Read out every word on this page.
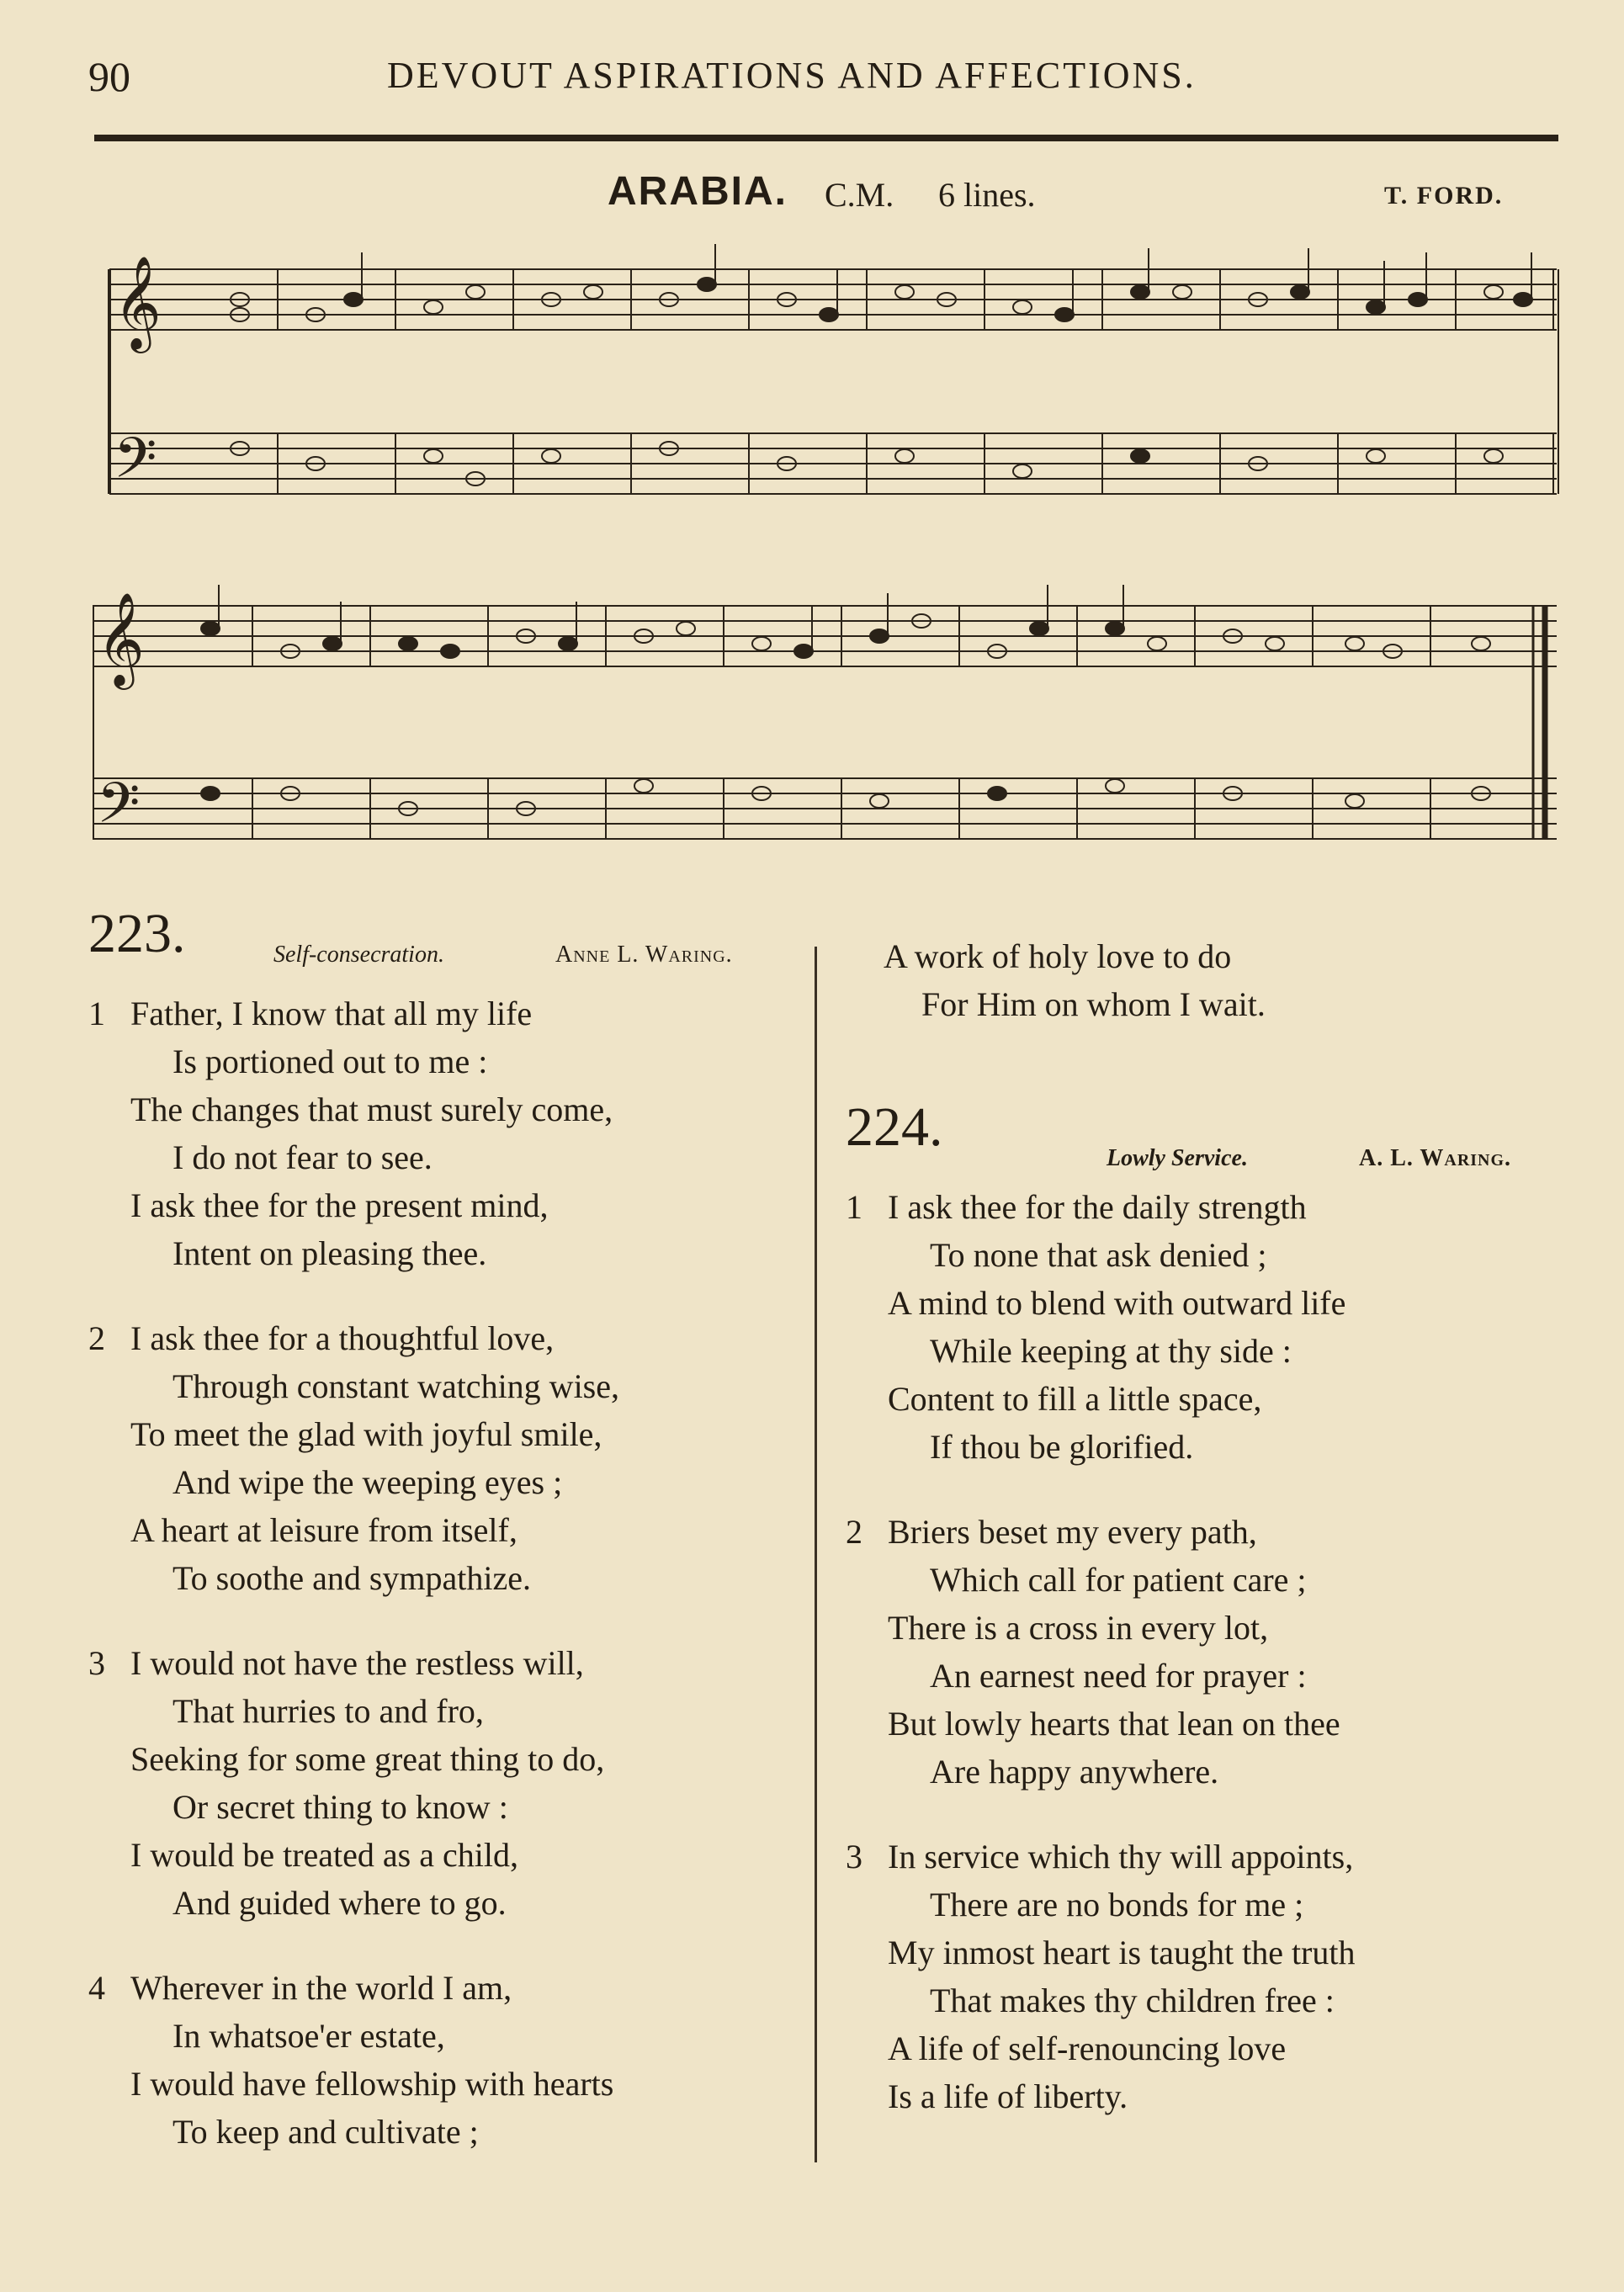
90	DEVOUT ASPIRATIONS AND AFFECTIONS.
ARABIA. C.M. 6 lines.	T. FORD.
𝄞
𝄢
𝄞
𝄢
223.	Self-consecration.	Anne L. Waring.
1 Father, I know that all my life
Is portioned out to me :
The changes that must surely come,
I do not fear to see.
I ask thee for the present mind,
Intent on pleasing thee.
2 I ask thee for a thoughtful love,
Through constant watching wise,
To meet the glad with joyful smile,
And wipe the weeping eyes ;
A heart at leisure from itself,
To soothe and sympathize.
3 I would not have the restless will,
That hurries to and fro,
Seeking for some great thing to do,
Or secret thing to know :
I would be treated as a child,
And guided where to go.
4 Wherever in the world I am,
In whatsoe'er estate,
I would have fellowship with hearts
To keep and cultivate ;
A work of holy love to do
For Him on whom I wait.
224.
Lowly Service.	A. L. Waring.
1 I ask thee for the daily strength
To none that ask denied ;
A mind to blend with outward life
While keeping at thy side :
Content to fill a little space,
If thou be glorified.
2 Briers beset my every path,
Which call for patient care ;
There is a cross in every lot,
An earnest need for prayer :
But lowly hearts that lean on thee
Are happy anywhere.
3 In service which thy will appoints,
There are no bonds for me ;
My inmost heart is taught the truth
That makes thy children free :
A life of self-renouncing love
Is a life of liberty.
